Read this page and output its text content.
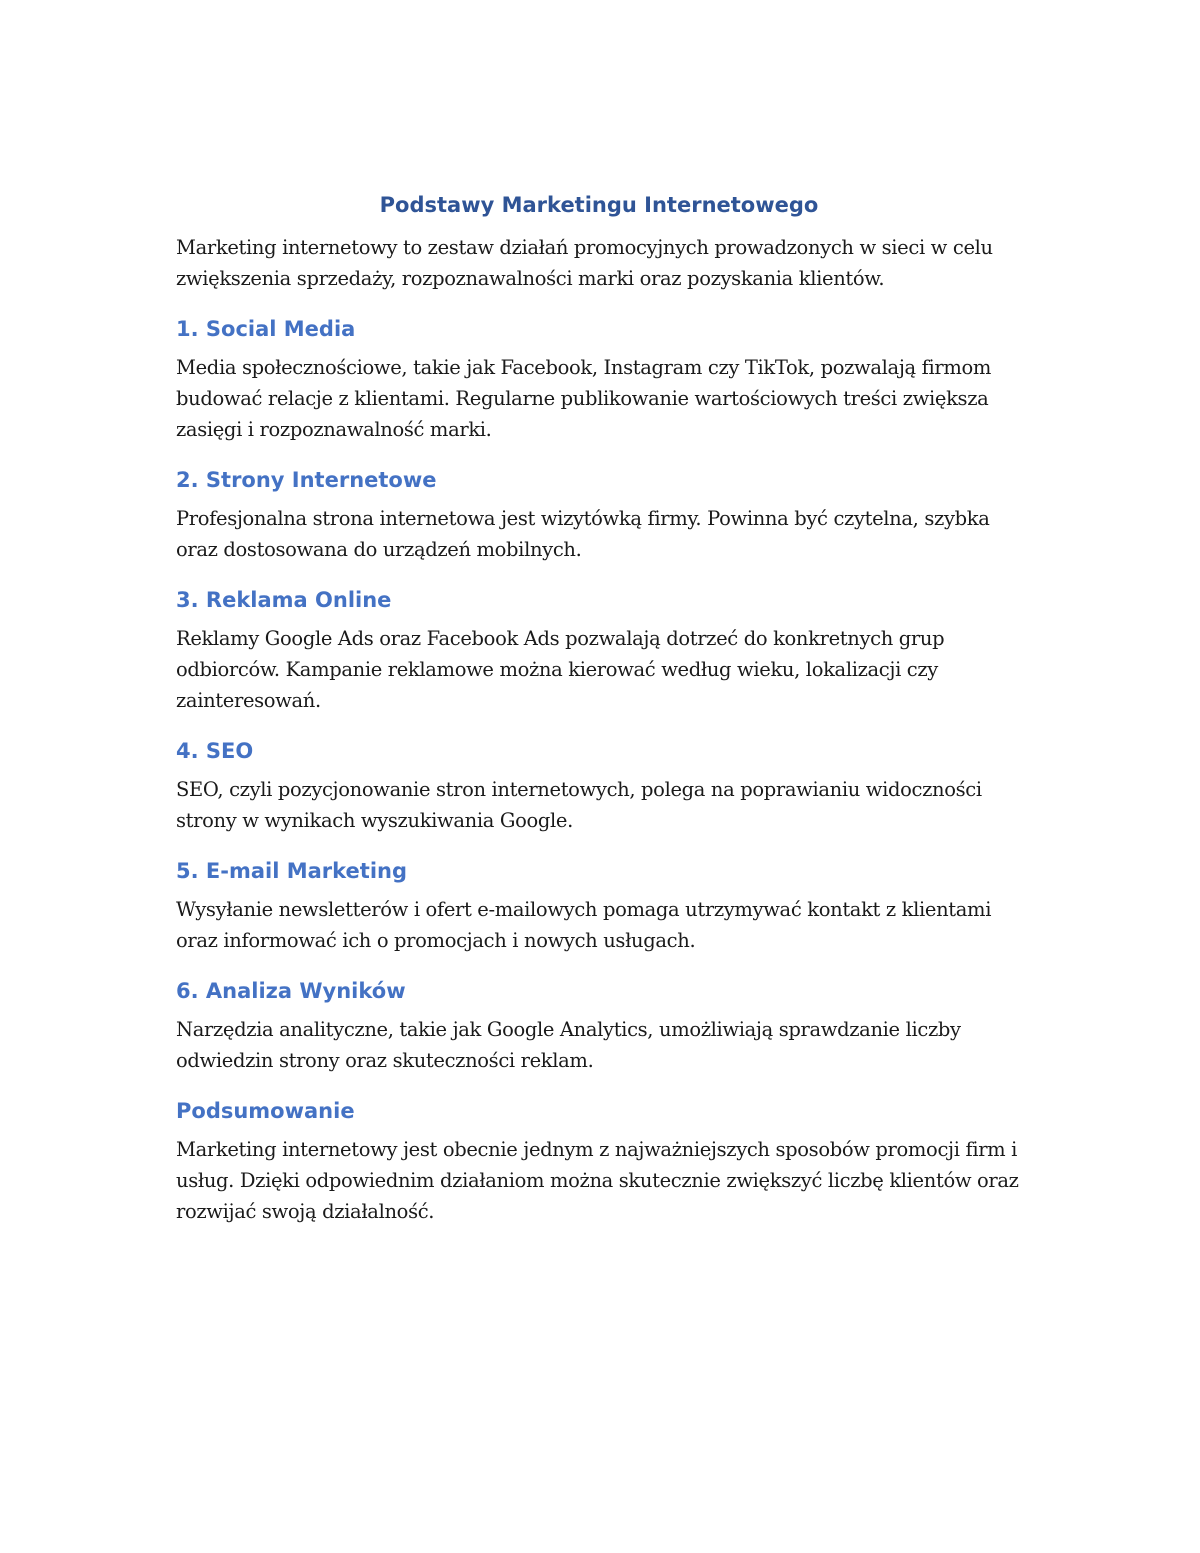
Podstawy Marketingu Internetowego

Marketing internetowy to zestaw działań promocyjnych prowadzonych w sieci w celu zwiększenia sprzedaży, rozpoznawalności marki oraz pozyskania klientów.

1. Social Media

Media społecznościowe, takie jak Facebook, Instagram czy TikTok, pozwalają firmom budować relacje z klientami. Regularne publikowanie wartościowych treści zwiększa zasięgi i rozpoznawalność marki.

2. Strony Internetowe

Profesjonalna strona internetowa jest wizytówką firmy. Powinna być czytelna, szybka oraz dostosowana do urządzeń mobilnych.

3. Reklama Online

Reklamy Google Ads oraz Facebook Ads pozwalają dotrzeć do konkretnych grup odbiorców. Kampanie reklamowe można kierować według wieku, lokalizacji czy zainteresowań.

4. SEO

SEO, czyli pozycjonowanie stron internetowych, polega na poprawianiu widoczności strony w wynikach wyszukiwania Google.

5. E-mail Marketing

Wysyłanie newsletterów i ofert e-mailowych pomaga utrzymywać kontakt z klientami oraz informować ich o promocjach i nowych usługach.

6. Analiza Wyników

Narzędzia analityczne, takie jak Google Analytics, umożliwiają sprawdzanie liczby odwiedzin strony oraz skuteczności reklam.

Podsumowanie

Marketing internetowy jest obecnie jednym z najważniejszych sposobów promocji firm i usług. Dzięki odpowiednim działaniom można skutecznie zwiększyć liczbę klientów oraz rozwijać swoją działalność.
